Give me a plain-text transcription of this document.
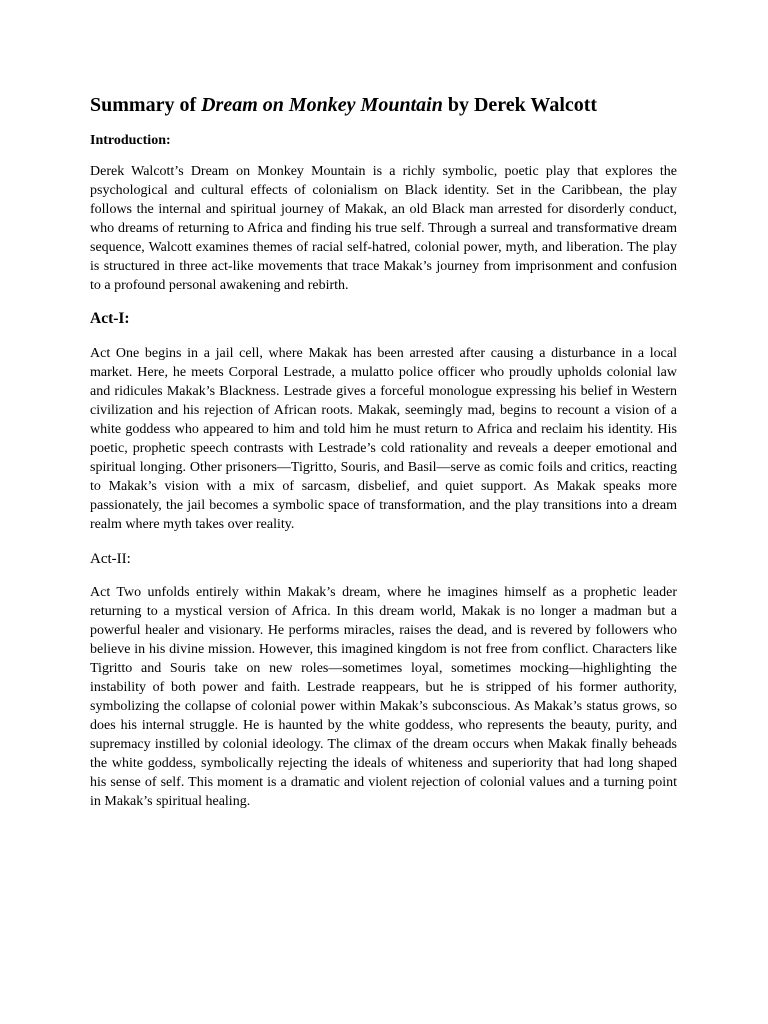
Summary of Dream on Monkey Mountain by Derek Walcott
Introduction:

Derek Walcott’s Dream on Monkey Mountain is a richly symbolic, poetic play that explores the psychological and cultural effects of colonialism on Black identity. Set in the Caribbean, the play follows the internal and spiritual journey of Makak, an old Black man arrested for disorderly conduct, who dreams of returning to Africa and finding his true self. Through a surreal and transformative dream sequence, Walcott examines themes of racial self-hatred, colonial power, myth, and liberation. The play is structured in three act-like movements that trace Makak’s journey from imprisonment and confusion to a profound personal awakening and rebirth.

Act-I:

Act One begins in a jail cell, where Makak has been arrested after causing a disturbance in a local market. Here, he meets Corporal Lestrade, a mulatto police officer who proudly upholds colonial law and ridicules Makak’s Blackness. Lestrade gives a forceful monologue expressing his belief in Western civilization and his rejection of African roots. Makak, seemingly mad, begins to recount a vision of a white goddess who appeared to him and told him he must return to Africa and reclaim his identity. His poetic, prophetic speech contrasts with Lestrade’s cold rationality and reveals a deeper emotional and spiritual longing. Other prisoners—Tigritto, Souris, and Basil—serve as comic foils and critics, reacting to Makak’s vision with a mix of sarcasm, disbelief, and quiet support. As Makak speaks more passionately, the jail becomes a symbolic space of transformation, and the play transitions into a dream realm where myth takes over reality.

Act-II:

Act Two unfolds entirely within Makak’s dream, where he imagines himself as a prophetic leader returning to a mystical version of Africa. In this dream world, Makak is no longer a madman but a powerful healer and visionary. He performs miracles, raises the dead, and is revered by followers who believe in his divine mission. However, this imagined kingdom is not free from conflict. Characters like Tigritto and Souris take on new roles—sometimes loyal, sometimes mocking—highlighting the instability of both power and faith. Lestrade reappears, but he is stripped of his former authority, symbolizing the collapse of colonial power within Makak’s subconscious. As Makak’s status grows, so does his internal struggle. He is haunted by the white goddess, who represents the beauty, purity, and supremacy instilled by colonial ideology. The climax of the dream occurs when Makak finally beheads the white goddess, symbolically rejecting the ideals of whiteness and superiority that had long shaped his sense of self. This moment is a dramatic and violent rejection of colonial values and a turning point in Makak’s spiritual healing.
